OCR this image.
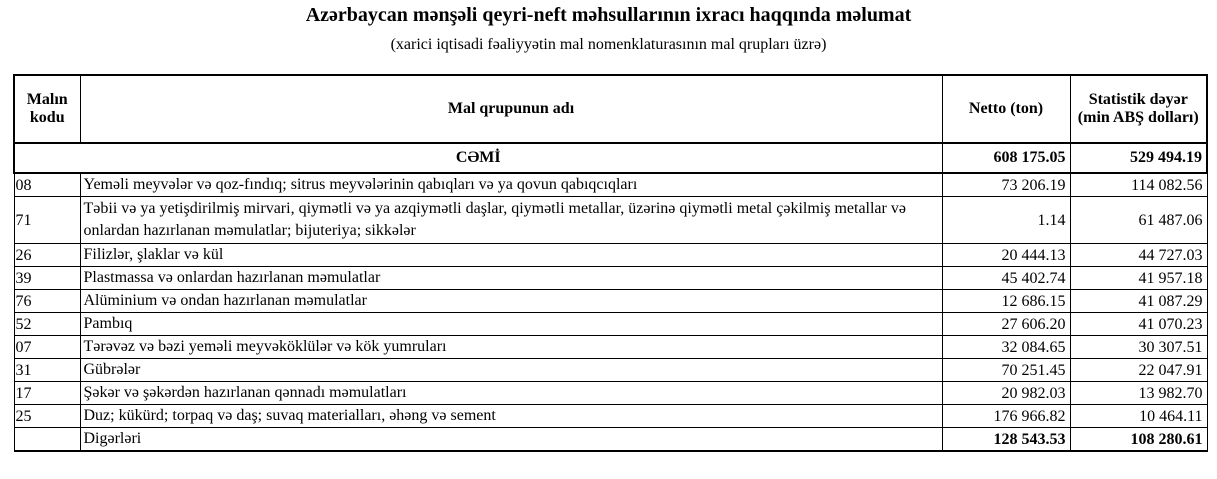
Azərbaycan mənşəli qeyri-neft məhsullarının ixracı haqqında məlumat
(xarici iqtisadi fəaliyyətin mal nomenklaturasının mal qrupları üzrə)
Malın kodu	Mal qrupunun adı	Netto (ton)	Statistik dəyər (min ABŞ dolları)
CƏMİ		608 175.05	529 494.19
08	Yeməli meyvələr və qoz-fındıq; sitrus meyvələrinin qabıqları və ya qovun qabıqcıqları	73 206.19	114 082.56
71	Təbii və ya yetişdirilmiş mirvari, qiymətli və ya azqiymətli daşlar, qiymətli metallar, üzərinə qiymətli metal çəkilmiş metallar və onlardan hazırlanan məmulatlar; bijuteriya; sikkələr	1.14	61 487.06
26	Filizlər, şlaklar və kül	20 444.13	44 727.03
39	Plastmassa və onlardan hazırlanan məmulatlar	45 402.74	41 957.18
76	Alüminium və ondan hazırlanan məmulatlar	12 686.15	41 087.29
52	Pambıq	27 606.20	41 070.23
07	Tərəvəz və bəzi yeməli meyvəköklülər və kök yumruları	32 084.65	30 307.51
31	Gübrələr	70 251.45	22 047.91
17	Şəkər və şəkərdən hazırlanan qənnadı məmulatları	20 982.03	13 982.70
25	Duz; kükürd; torpaq və daş; suvaq materialları, əhəng və sement	176 966.82	10 464.11
	Digərləri	128 543.53	108 280.61
